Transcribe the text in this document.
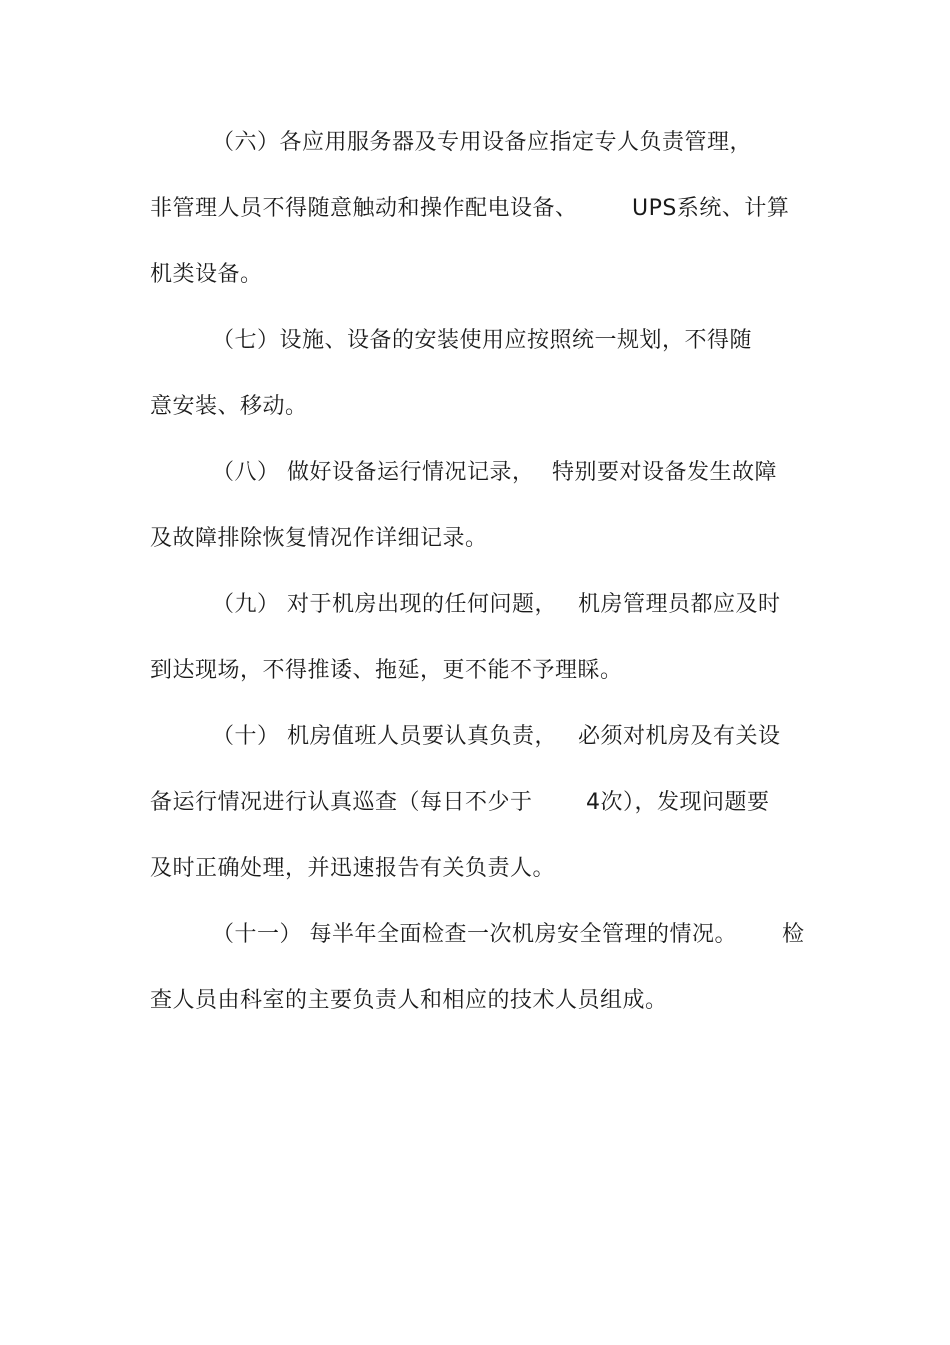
（六）各应用服务器及专用设备应指定专人负责管理，
非管理人员不得随意触动和操作配电设备、 UPS系统、计算
机类设备。
（七）设施、设备的安装使用应按照统一规划，不得随
意安装、移动。
（八） 做好设备运行情况记录， 特别要对设备发生故障
及故障排除恢复情况作详细记录。
（九） 对于机房出现的任何问题， 机房管理员都应及时
到达现场，不得推诿、拖延，更不能不予理睬。
（十） 机房值班人员要认真负责， 必须对机房及有关设
备运行情况进行认真巡查（每日不少于 4次），发现问题要
及时正确处理，并迅速报告有关负责人。
（十一） 每半年全面检查一次机房安全管理的情况。 检
查人员由科室的主要负责人和相应的技术人员组成。
